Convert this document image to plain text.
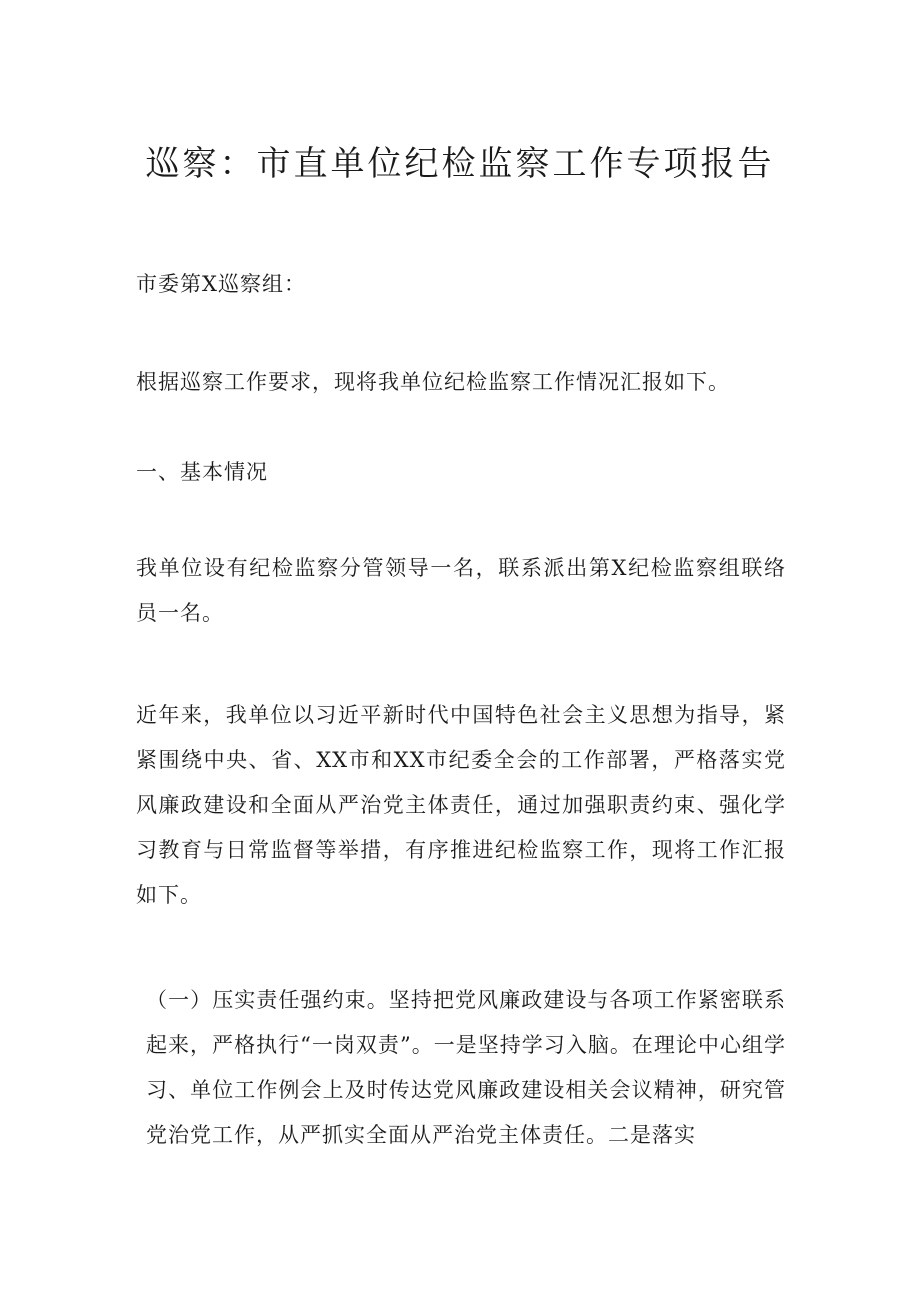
巡察：市直单位纪检监察工作专项报告

市委第X巡察组：

根据巡察工作要求，现将我单位纪检监察工作情况汇报如下。

一、基本情况

我单位设有纪检监察分管领导一名，联系派出第X纪检监察组联络员一名。

近年来，我单位以习近平新时代中国特色社会主义思想为指导，紧紧围绕中央、省、XX市和XX市纪委全会的工作部署，严格落实党风廉政建设和全面从严治党主体责任，通过加强职责约束、强化学习教育与日常监督等举措，有序推进纪检监察工作，现将工作汇报如下。

（一）压实责任强约束。坚持把党风廉政建设与各项工作紧密联系起来，严格执行“一岗双责”。一是坚持学习入脑。在理论中心组学习、单位工作例会上及时传达党风廉政建设相关会议精神，研究管党治党工作，从严抓实全面从严治党主体责任。二是落实
